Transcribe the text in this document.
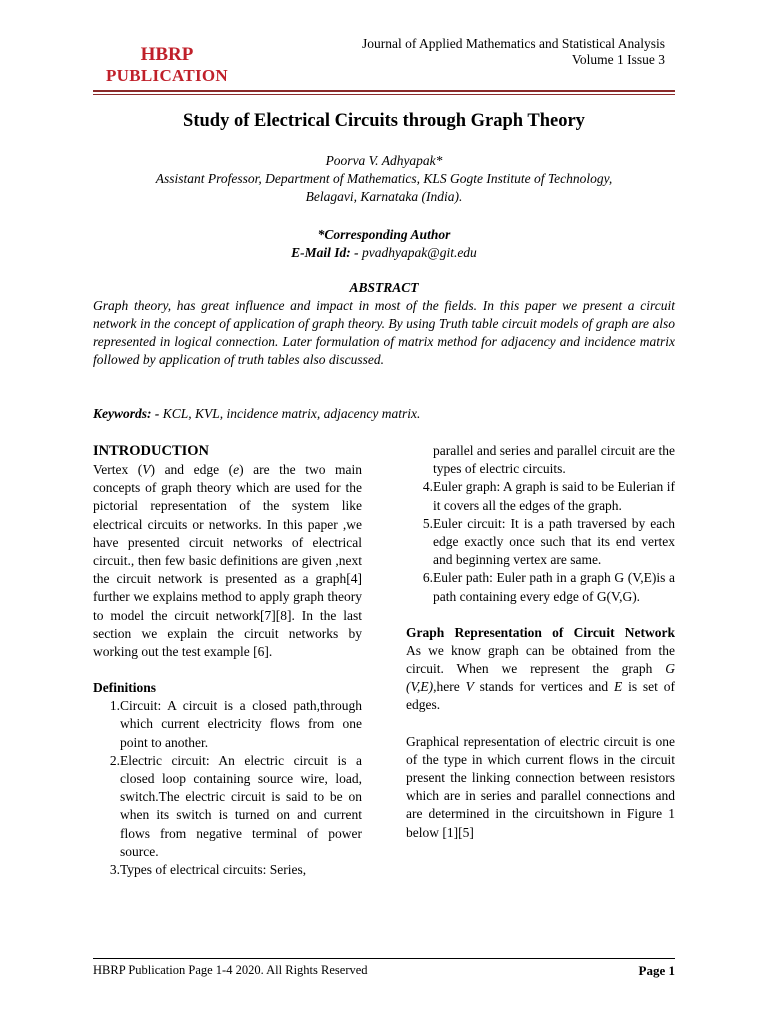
HBRP
PUBLICATION
Journal of Applied Mathematics and Statistical Analysis
Volume 1 Issue 3
Study of Electrical Circuits through Graph Theory
Poorva V. Adhyapak*
Assistant Professor, Department of Mathematics, KLS Gogte Institute of Technology,
Belagavi, Karnataka (India).
*Corresponding Author
E-Mail Id: - pvadhyapak@git.edu
ABSTRACT
Graph theory, has great influence and impact in most of the fields. In this paper we present a circuit network in the concept of application of graph theory. By using Truth table circuit models of graph are also represented in logical connection. Later formulation of matrix method for adjacency and incidence matrix followed by application of truth tables also discussed.
Keywords: - KCL, KVL, incidence matrix, adjacency matrix.
INTRODUCTION

Vertex (V) and edge (e) are the two main concepts of graph theory which are used for the pictorial representation of the system like electrical circuits or networks. In this paper ,we have presented circuit networks of electrical circuit., then few basic definitions are given ,next the circuit network is presented as a graph[4] further we explains method to apply graph theory to model the circuit network[7][8]. In the last section we explain the circuit networks by working out the test example [6].

Definitions
1. Circuit: A circuit is a closed path,through which current electricity flows from one point to another.
2. Electric circuit: An electric circuit is a closed loop containing source wire, load, switch.The electric circuit is said to be on when its switch is turned on and current flows from negative terminal of power source.
3. Types of electrical circuits: Series,
parallel and series and parallel circuit are the types of electric circuits.
4. Euler graph: A graph is said to be Eulerian if it covers all the edges of the graph.
5. Euler circuit: It is a path traversed by each edge exactly once such that its end vertex and beginning vertex are same.
6. Euler path: Euler path in a graph G (V,E)is a path containing every edge of G(V,G).
Graph Representation of Circuit Network

As we know graph can be obtained from the circuit. When we represent the graph G (V,E),here V stands for vertices and E is set of edges.

Graphical representation of electric circuit is one of the type in which current flows in the circuit present the linking connection between resistors which are in series and parallel connections and are determined in the circuitshown in Figure 1 below [1][5]

HBRP Publication Page 1-4 2020. All Rights Reserved	Page 1
